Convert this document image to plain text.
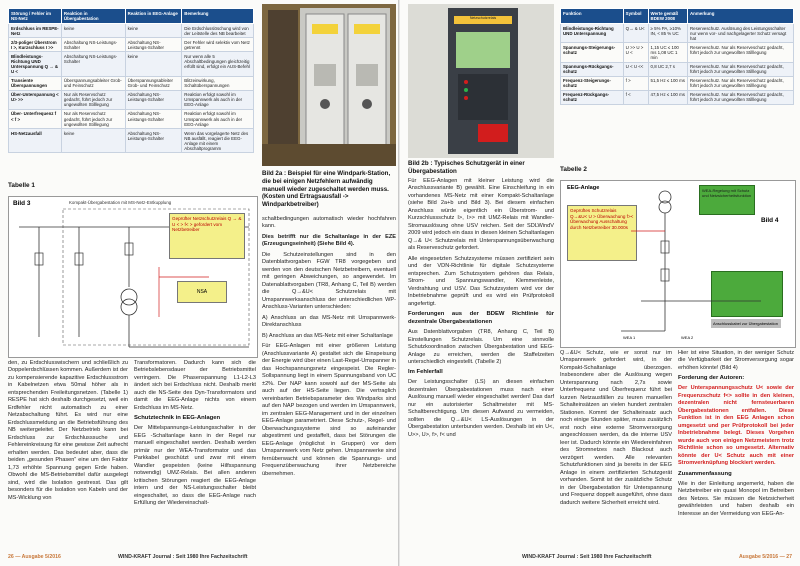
Störung / Fehler im NS-Netz	Reaktion in Übergabestation	Reaktion in EEG-Anlage	Bemerkung
Erdschluss im RESPE-Netz	keine	keine	Die Erdschlusslöschung wird von der Leitstelle des NB bearbeitet
2/3-poliger Überstrom I >, Kurzschluss I >>	Abschaltung NS-Leistungs-Schalter	Abschaltung NS-Leistungs-Schalter	Der Fehler wird selektiv vom Netz getrennt
Blindleistungs-Richtung UND Unterspannung Q → & U <	Abschaltung NS-Leistungs-Schalter	keine	Nur wenn alle 5 Abschaltbedingungen gleichzeitig erfüllt sind, erfolgt ein AUS-Befehl
Transiente Überspannungen	Überspannungsableiter Grob- und Feinschutz	Überspannungsableiter Grob- und Feinschutz	Blitzeinwirkung, Schaltüberspannungen
Über-Unterspannung < U> >>	Nur als Reservschutz gedacht, führt jedoch zur ungewollten Stilllegung	Abschaltung NS-Leistungs-Schalter	Reaktion erfolgt sowohl im Umspannwerk als auch in der EEG-Anlage
Über- Unterfrequenz f < f >	Nur als Reservschutz gedacht, führt jedoch zur ungewollten Stilllegung	Abschaltung NS-Leistungs-Schalter	Reaktion erfolgt sowohl im Umspannwerk als auch in der EEG-Anlage
HS-Netzausfall	keine	Abschaltung NS-Leistungs-Schalter	Wenn das vorgelagerte Netz des NB ausfällt, reagiert die EEG-Anlage mit einem Abschaltprogramm
Tabelle 1
Bild 2a : Beispiel für eine Windpark-Station, die bei einigen Netzfehlern aufwändig manuell wieder zugeschaltet werden muss. (Kosten und Ertragsausfall -> Windparkbetreiber)
Bild 3	Kompakt-Übergabestation mit MS-Netz-Entkupplung
Geprüfter Netzschutzrelais Q → & U < > f< > gefordert vom Netzbetreiber
NSA

schaltbedingungen automatisch wieder hochfahren kann.

Dies betrifft nur die Schaltanlage in der EZE (Erzeugungseinheit) (Siehe Bild 4).

Die Schutzeinstellungen sind in den Datenblattvorgaben FGW TR8 vorgegeben und werden von den deutschen Netzbetreibern, eventuell mit geringen Abweichungen, so angewendet. Im Datenablattvorgaben (TR8, Anhang C, Teil B) werden die Q→&U< Schutzrelais mit Umspannwerksanschluss der unterschiedlichen WP-Anschluss-Varianten unterschieden:

A) Anschluss an das MS-Netz mit Umspannwerk-Direktanschluss

B) Anschluss an das MS-Netz mit einer Schaltanlage

Für EEG-Anlagen mit einer größeren Leistung (Anschlussvariante A) gestaltet sich die Einspeisung der Energie wird über einen Last-Regel-Umspanner in das Hochspannungsnetz eingespeist. Die Regler-Sollspannung liegt in einem Spannungsband von UC ±2%. Der NAP kann sowohl auf der MS-Seite als auch auf der HS-Seite liegen. Die vertraglich vereinbarten Betriebsparameter des Windparks sind auf den NAP bezogen und werden im Umspannwerk, im zentralen EEG-Management und in der einzelnen EEG-Anlage parametriert. Diese Schutz-, Regel- und Überwachungssysteme sind so aufeinander abgestimmt und gestaffelt, dass bei Störungen die EEG-Anlage (möglichst in Gruppen) vor dem Umspannwerk vom Netz gehen. Umspannwerke sind fernüberwacht und können die Spannungs- und Frequenzüberwachung ihrer Netzbereiche übernehmen.

den, zu Erdschlusswischern und schließlich zu Doppelerdschlüssen kommen. Außerdem ist der zu kompensierende kapazitive Erdschlussstrom in Kabelnetzen etwa 50mal höher als in entsprechenden Freileitungsnetzen. (Tabelle 1) RESPE hat sich deshalb durchgesetzt, weil ein Erdfehler nicht automatisch zu einer Netzabschaltung führt. Es wird nur eine Erdschlussmeldung an die Betriebsführung des NB weitergeleitet. Der Netzbetrieb kann bei Erdschluss zur Erdschlusssuche und Fehlereinkreisung für eine gewisse Zeit aufrecht erhalten werden. Das bedeutet aber, dass die beiden „gesunden Phasen“ eine um den Faktor 1,73 erhöhte Spannung gegen Erde haben. Obwohl die MS-Betriebsmittel dafür ausgelegt sind, wird die Isolation gestresst. Das gilt besonders für die Isolation von Kabeln und der MS-Wicklung von

Transformatoren. Dadurch kann sich die Betriebslebensdauer der Betriebsmittel verringern. Die Phasenspannung L1-L2-L3 ändert sich bei Erdschluss nicht. Deshalb merkt auch die NS-Seite des Dyn-Transformators und damit die EEG-Anlage nichts von einem Erdschluss im MS-Netz.

Schutztechnik in EEG-Anlagen

Der Mittelspannungs-Leistungsschalter in der EEG -Schaltanlage kann in der Regel nur manuell eingeschaltet werden. Deshalb werden primär nur der WEA-Transformator und das Parkkabel geschützt und zwar mit einem Wandler gespeisten (keine Hilfsspannung notwendig) UMZ-Relais. Bei allen anderen kritischen Störungen reagiert die EEG-Anlage intern und der NS-Leistungsschalter bleibt eingeschaltet, so dass die EEG-Anlage nach Erfüllung der Wiedereinschalt-

26 — Ausgabe 5/2016	WIND-KRAFT Journal : Seit 1980 Ihre Fachzeitschrift
Netzschutzrelais
Bild 2b : Typisches Schutzgerät in einer Übergabestation
Funktion	Symbol	Werte gemäß BDEW 2008	Anmerkung
Blindleistungs-Richtung UND Unterspannung	Q→ & U<	≥ 5% PA, ≥10% IN, < 85 % UC	Reserveschutz. Auslösung des Leistungsschalter nur wenn vor- und nachgelagerter Schutz versagt hat
Spannungs-Steigerungs-schutz	U >> U > U <	1,15 UC ≤ 100 ms 1,08 UC 1 min	Reserveschutz. Nur als Reserveschutz gedacht, führt jedoch zur ungewollten Stilllegung
Spannungs-Rückgangs-schutz	U < U <<	0,8 UC 2,7 s	Reserveschutz. Nur als Reserveschutz gedacht, führt jedoch zur ungewollten Stilllegung
Frequenz-Steigerungs-schutz	f >	51,5 Hz ≤ 100 ms	Reserveschutz. Nur als Reserveschutz gedacht, führt jedoch zur ungewollten Stilllegung
Frequenz-Rückgangs-schutz	f <	47,5 Hz ≤ 100 ms	Reserveschutz. Nur als Reserveschutz gedacht, führt jedoch zur ungewollten Stilllegung
Tabelle 2
EEG-Anlage
Bild 4
Geprüftes Schutzrelais Q→&U< U > Überwachung f>< Überwachung Ausschaltung durch Netzbetreiber 30.000s
WEA-Regelung mit Schutz und Netzsicherheitsfunktion
Anschlusskabel zur Übergabestation
WEA 1	WEA 2

Für EEG-Anlagen mit kleiner Leistung wird die Anschlussvariante B) gewählt. Eine Einschleifung in ein vorhandenes MS-Netz mit einer Kompakt-Schaltanlage (siehe Bild 2a+b und Bild 3). Bei diesem einfachen Anschluss würde eigentlich ein Überstrom- und Kurzschlussschutz I>, I>> mit UMZ-Relais mit Wandler-Stromauslösung ohne USV reichen. Seit der SDLWindV 2009 wird jedoch ein dass in diesen kleinen Schaltanlagen Q→& U< Schutzrelais mit Unterspannungsüberwachung als Reserveschutz gefordert.

Alle eingesetzten Schutzsysteme müssen zertifiziert sein und der VDN-Richtlinie für digitale Schutzsysteme entsprechen. Zum Schutzsystem gehören das Relais, Strom- und Spannungswandler, Klemmenleiste, Verdrahtung und USV. Das Schutzsystem wird vor der Inbetriebnahme geprüft und es wird ein Prüfprotokoll angefertigt.

Forderungen aus der BDEW Richtlinie für dezentrale Übergabestationen

Aus Datenblattvorgaben (TR8, Anhang C, Teil B) Einstellungen Schutzrelais. Um eine sinnvolle Schutzkoordination zwischen Übergabestation und EEG-Anlage zu erreichen, werden die Staffelzeiten unterschiedlich eingestellt. (Tabelle 2)

Im Fehlerfall

Der Leistungsschalter (LS) an diesen einfachen dezentralen Übergabestationen muss nach einer Auslösung manuell wieder eingeschaltet werden! Das darf nur ein autorisierter Schaltmeister mit MS-Schaltberechtigung. Um diesen Aufwand zu vermeiden, sollten die Q→&U< LS-Auslösungen in der Übergabestation unterbunden werden. Deshalb ist ein U<, U>>, U>, f>, f< und

Q→&U< Schutz, wie er sonst nur im Umspannwerk gefordert wird, in der Kompakt-Schaltanlage überzogen. Insbesondere aber die Auslösung wegen Unterspannung nach 2,7s sowie Unterfrequenz und Überfrequenz führt bei kurzen Netzausfällen zu teuren manuellen Schalteinsätzen an vielen hundert zentralen Stationen. Kommt der Schalteinsatz auch noch einige Stunden später, muss zusätzlich erst noch eine externe Stromversorgung angeschlossen werden, da die interne USV leer ist. Dadurch könnte ein Wiedereinfahren des Stromnetzes nach Blackout auch verzögert werden. Alle relevanten Schutzfunktionen sind ja bereits in der EEG Anlage in einem zertifizierten Schutzgerät vorhanden. Somit ist der zusätzliche Schutz in der Übergabestation für Unterspannung und Frequenz doppelt ausgeführt, ohne dass dadurch weitere Sicherheit erreicht wird.

Hier ist eine Situation, in der weniger Schutz die Verfügbarkeit der Stromversorgung sogar erhöhen könnte! (Bild 4)

Forderung der Autoren:

Der Unterspannungsschutz U< sowie der Frequenzschutz f<> sollte in den kleinen, dezentralen nicht fernsteuerbaren Übergabestationen entfallen. Diese Funktion ist in den EEG Anlagen schon umgesetzt und per Prüfprotokoll bei jeder Inbetriebnahme belegt. Dieses Vorgehen wurde auch von einigen Netzmeistern trotz Richtlinie schon so umgesetzt. Alternativ könnte der U< Schutz auch mit einer Stromverknüpfung blockiert werden.

Zusammenfassung

Wie in der Einleitung angemerkt, haben die Netzbetreiber ein quasi Monopol im Betreiben des Netzes. Sie müssen die Netzsicherheit gewährleisten und haben deshalb ein Interesse an der Vermeidung von EEG-An-

WIND-KRAFT Journal : Seit 1980 Ihre Fachzeitschrift	Ausgabe 5/2016 — 27
